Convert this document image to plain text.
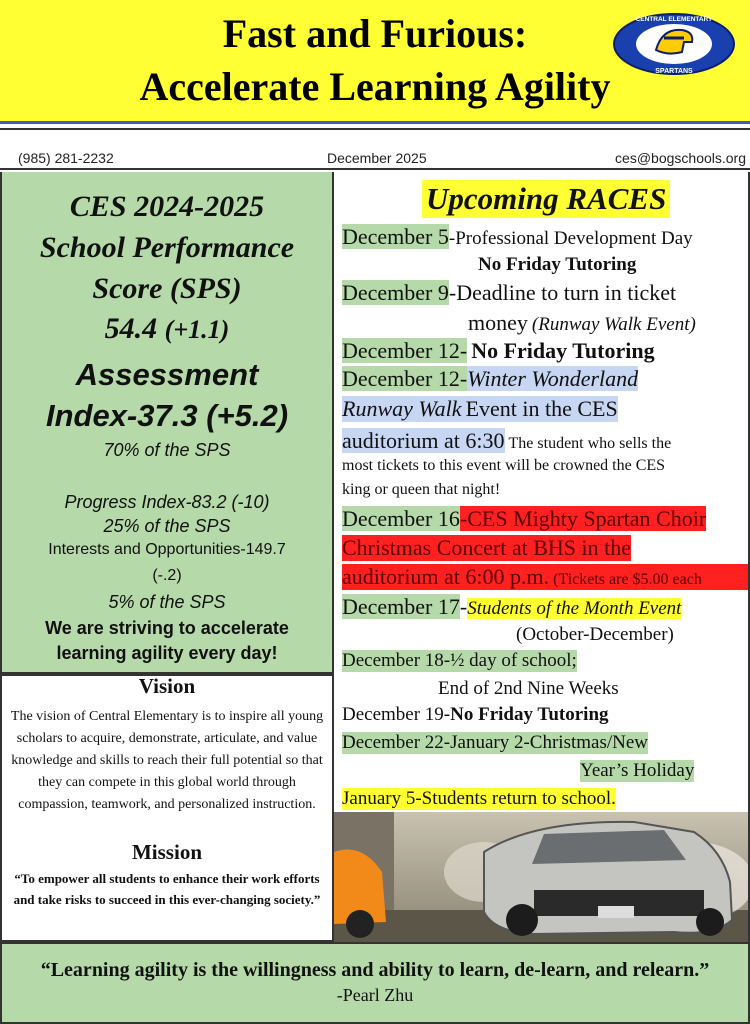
Fast and Furious:
Accelerate Learning Agility
CENTRAL ELEMENTARY
SPARTANS
(985) 281-2232	December 2025	ces@bogschools.org
CES 2024-2025
School Performance
Score (SPS)
54.4 (+1.1)
Assessment
Index-37.3 (+5.2)
70% of the SPS
Progress Index-83.2 (-10)
25% of the SPS
Interests and Opportunities-149.7
(-.2)
5% of the SPS
We are striving to accelerate
learning agility every day!
Vision
The vision of Central Elementary is to inspire all young scholars to acquire, demonstrate, articulate, and value knowledge and skills to reach their full potential so that they can compete in this global world through compassion, teamwork, and personalized instruction.
Mission
“To empower all students to enhance their work efforts and take risks to succeed in this ever-changing society.”
Upcoming RACES
December 5-Professional Development Day
No Friday Tutoring
December 9-Deadline to turn in ticket
money (Runway Walk Event)
December 12- No Friday Tutoring
December 12-Winter Wonderland
Runway Walk Event in the CES
auditorium at 6:30 The student who sells the
most tickets to this event will be crowned the CES
king or queen that night!
December 16-CES Mighty Spartan Choir
Christmas Concert at BHS in the
auditorium at 6:00 p.m. (Tickets are $5.00 each
December 17-Students of the Month Event
(October-December)
December 18-½ day of school;
End of 2nd Nine Weeks
December 19-No Friday Tutoring
December 22-January 2-Christmas/New
Year’s Holiday
January 5-Students return to school.
“Learning agility is the willingness and ability to learn, de-learn, and relearn.”
-Pearl Zhu
